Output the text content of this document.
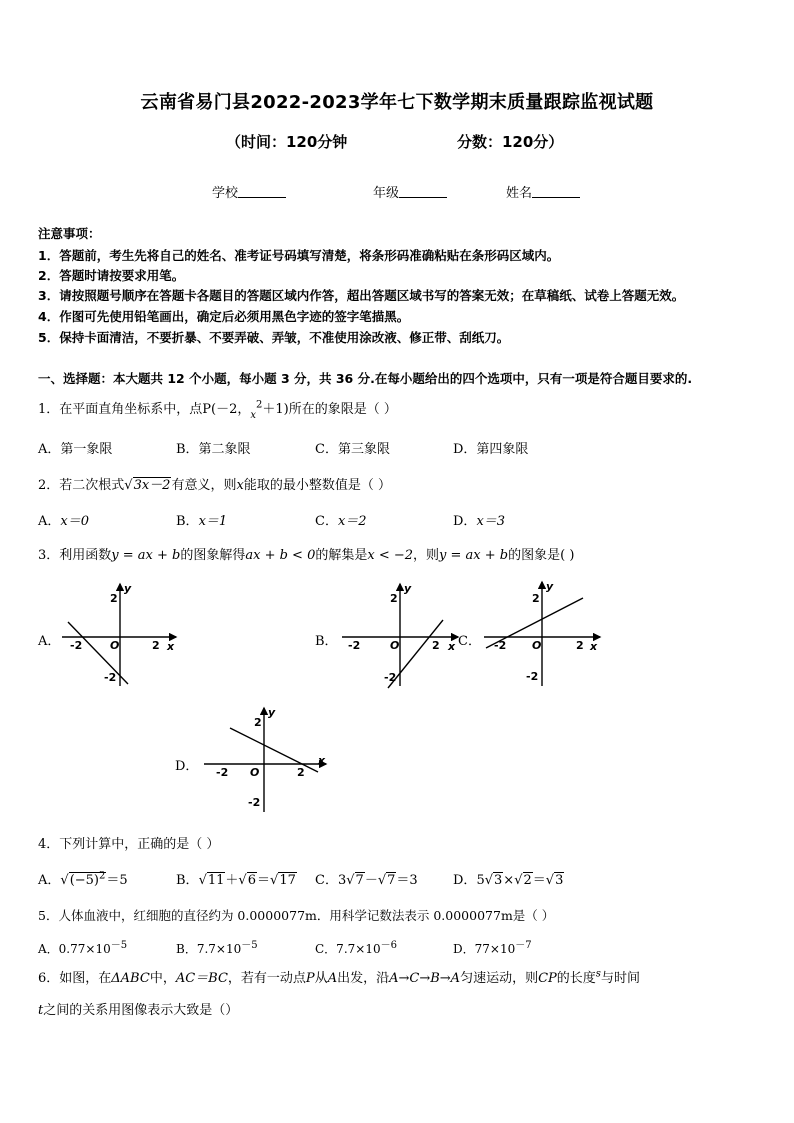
云南省易门县2022-2023学年七下数学期末质量跟踪监视试题
（时间：120分钟	分数：120分）
学校	年级	姓名
注意事项：
1．答题前，考生先将自己的姓名、准考证号码填写清楚，将条形码准确粘贴在条形码区域内。
2．答题时请按要求用笔。
3．请按照题号顺序在答题卡各题目的答题区域内作答，超出答题区域书写的答案无效；在草稿纸、试卷上答题无效。
4．作图可先使用铅笔画出，确定后必须用黑色字迹的签字笔描黑。
5．保持卡面清洁，不要折暴、不要弄破、弄皱，不准使用涂改液、修正带、刮纸刀。
一、选择题：本大题共 12 个小题，每小题 3 分，共 36 分.在每小题给出的四个选项中，只有一项是符合题目要求的.
1．在平面直角坐标系中，点P(－2，$_x^2$＋1)所在的象限是（ ）
A．第一象限	B．第二象限	C．第三象限	D．第四象限
2．若二次根式√3x－2有意义，则x能取的最小整数值是（ ）
A．x＝0	B．x＝1	C．x＝2	D．x＝3
3．利用函数y = ax + b的图象解得ax + b < 0的解集是x < −2，则y = ax + b的图象是( )
A．	B．	C．
D．
y
x
O
-2	2
2
-2
y
x
O
-2	2
2
-2
y
x
O
-2	2
2
-2
y
x
O
-2	2
2
-2
4．下列计算中，正确的是（ ）
A．$√(-5)^2=5$	B．√11＋√6＝√17 C．3√7－√7＝3	D．5√3×√2＝√3
5．人体血液中，红细胞的直径约为 0.0000077m．用科学记数法表示 0.0000077m是（ ）
A．$0.77\times 10^{-5}$	B．$7.7\times 10^{-5}$	C．$7.7\times 10^{-6}$	D．$77\times 10^{-7}$
6．如图，在ΔABC中，AC＝BC，若有一动点P从A出发，沿A→C→B→A匀速运动，则CP的长度$^s$与时间
t之间的关系用图像表示大致是（）
